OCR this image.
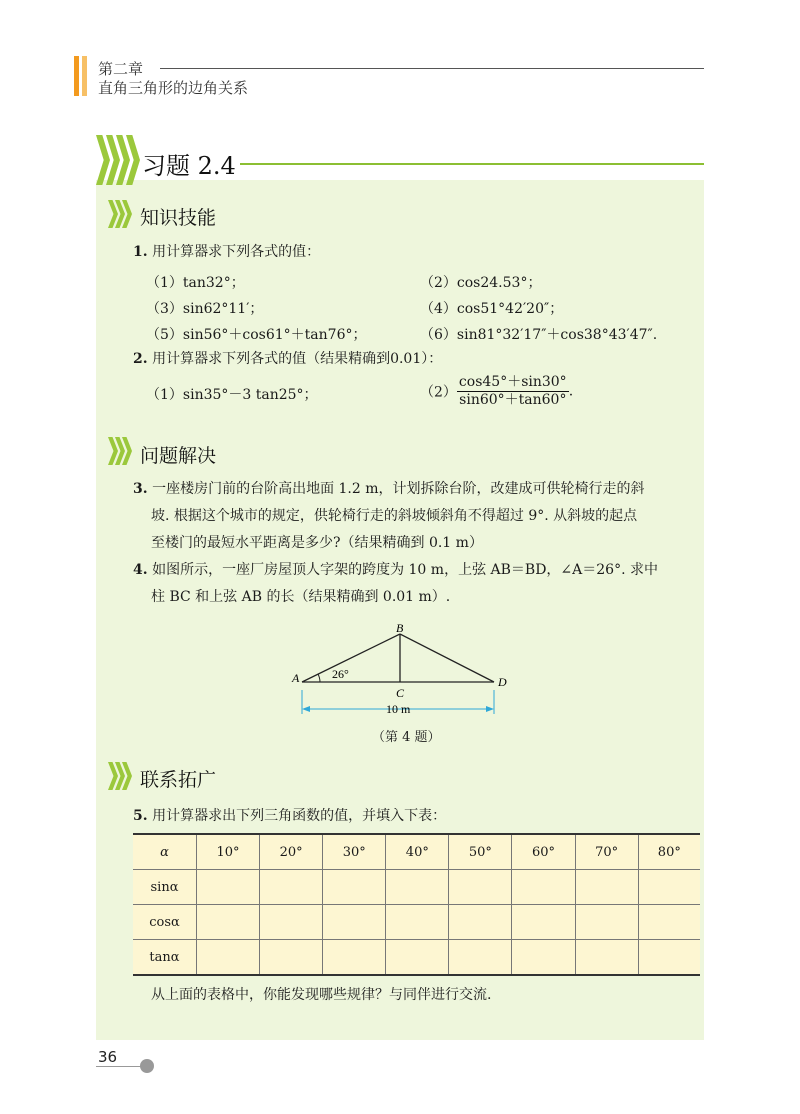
第二章
直角三角形的边角关系
习题 2.4
知识技能
1. 用计算器求下列各式的值：
（1）tan32°；	（2）cos24.53°；
（3）sin62°11′；	（4）cos51°42′20″；
（5）sin56°＋cos61°＋tan76°；	（6）sin81°32′17″＋cos38°43′47″.
2. 用计算器求下列各式的值（结果精确到0.01）：
（1）sin35°－3 tan25°；	$(2) \frac{\cos 45^\circ+\sin 30^\circ}{\sin 60^\circ+\tan 60^\circ}$ .
问题解决
3. 一座楼房门前的台阶高出地面 1.2 m，计划拆除台阶，改建成可供轮椅行走的斜
坡. 根据这个城市的规定，供轮椅行走的斜坡倾斜角不得超过 9°. 从斜坡的起点
至楼门的最短水平距离是多少?（结果精确到 0.1 m）
4. 如图所示，一座厂房屋顶人字架的跨度为 10 m，上弦 AB＝BD，∠A＝26°. 求中
柱 BC 和上弦 AB 的长（结果精确到 0.01 m）.
A
B
C
D
26°
10 m
（第 4 题）
联系拓广
5. 用计算器求出下列三角函数的值，并填入下表：
α	10°	20°	30°	40°	50°	60°	70°	80°
sinα								
cosα								
tanα								
从上面的表格中，你能发现哪些规律？与同伴进行交流.
36
